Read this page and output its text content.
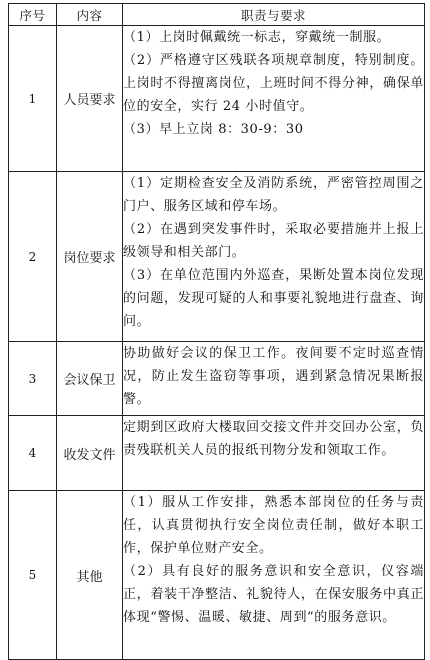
序号	内容	职责与要求
1	人员要求	（1）上岗时佩戴统一标志，穿戴统一制服。

（2）严格遵守区残联各项规章制度，特别制度。上岗时不得擅离岗位，上班时间不得分神，确保单位的安全，实行 24 小时值守。

（3）早上立岗 8：30-9：30

2	岗位要求	（1）定期检查安全及消防系统，严密管控周围之门户、服务区域和停车场。

（2）在遇到突发事件时，采取必要措施并上报上级领导和相关部门。

（3）在单位范围内外巡查，果断处置本岗位发现的问题，发现可疑的人和事要礼貌地进行盘查、询问。

3	会议保卫	协助做好会议的保卫工作。夜间要不定时巡查情况，防止发生盗窃等事项，遇到紧急情况果断报警。

4	收发文件	定期到区政府大楼取回交接文件并交回办公室，负责残联机关人员的报纸刊物分发和领取工作。

5	其他	（1）服从工作安排，熟悉本部岗位的任务与责任，认真贯彻执行安全岗位责任制，做好本职工作，保护单位财产安全。

（2）具有良好的服务意识和安全意识，仪容端正，着装干净整洁、礼貌待人，在保安服务中真正体现“警惕、温暖、敏捷、周到”的服务意识。
